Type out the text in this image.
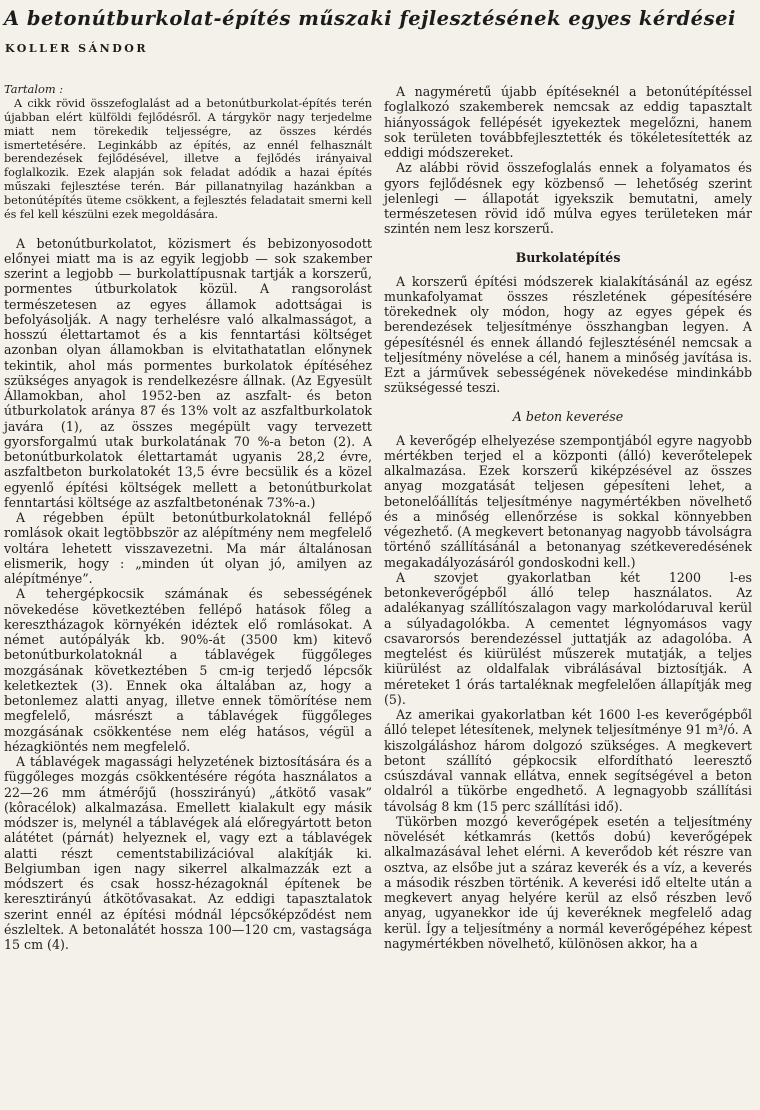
A betonútburkolat-építés műszaki fejlesztésének egyes kérdései
KOLLER SÁNDOR

Tartalom :

A cikk rövid összefoglalást ad a betonútburkolat-építés terén újabban elért külföldi fejlődésről. A tárgykör nagy terjedelme miatt nem törekedik teljességre, az összes kérdés ismertetésére. Leginkább az építés, az ennél felhasznált berendezések fejlődésével, illetve a fejlődés irányaival foglalkozik. Ezek alapján sok feladat adódik a hazai építés műszaki fejlesztése terén. Bár pillanatnyilag hazánkban a betonútépítés üteme csökkent, a fejlesztés feladatait smerni kell és fel kell készülni ezek megoldására.

A betonútburkolatot, közismert és bebizonyosodott előnyei miatt ma is az egyik legjobb — sok szakember szerint a legjobb — burkolattípusnak tartják a korszerű, pormentes útburkolatok közül. A rangsorolást természetesen az egyes államok adottságai is befolyásolják. A nagy terhelésre való alkalmasságot, a hosszú élettartamot és a kis fenntartási költséget azonban olyan államokban is elvitathatatlan előnynek tekintik, ahol más pormentes burkolatok építéséhez szükséges anyagok is rendelkezésre állnak. (Az Egyesült Államokban, ahol 1952-ben az aszfalt- és beton útburkolatok aránya 87 és 13% volt az aszfaltburkolatok javára (1), az összes megépült vagy tervezett gyorsforgalmú utak burkolatának 70 %-a beton (2). A betonútburkolatok élettartamát ugyanis 28,2 évre, aszfaltbeton burkolatokét 13,5 évre becsülik és a közel egyenlő építési költségek mellett a betonútburkolat fenntartási költsége az aszfaltbetonénak 73%-a.)

A régebben épült betonútburkolatoknál fellépő romlások okait legtöbbször az alépítmény nem megfelelő voltára lehetett visszavezetni. Ma már általánosan elismerik, hogy : „minden út olyan jó, amilyen az alépítménye”.

A tehergépkocsik számának és sebességének növekedése következtében fellépő hatások főleg a keresztházagok környékén idéztek elő romlásokat. A német autópályák kb. 90%-át (3500 km) kitevő betonútburkolatoknál a táblavégek függőleges mozgásának következtében 5 cm-ig terjedő lépcsők keletkeztek (3). Ennek oka általában az, hogy a betonlemez alatti anyag, illetve ennek tömörítése nem megfelelő, másrészt a táblavégek függőleges mozgásának csökkentése nem elég hatásos, végül a hézagkiöntés nem megfelelő.

A táblavégek magassági helyzetének biztosítására és a függőleges mozgás csökkentésére régóta használatos a 22—26 mm átmérőjű (hosszirányú) „átkötő vasak” (kôracélok) alkalmazása. Emellett kialakult egy másik módszer is, melynél a táblavégek alá előregyártott beton alátétet (párnát) helyeznek el, vagy ezt a táblavégek alatti részt cementstabilizációval alakítják ki. Belgiumban igen nagy sikerrel alkalmazzák ezt a módszert és csak hossz-hézagoknál építenek be keresztirányú átkötővasakat. Az eddigi tapasztalatok szerint ennél az építési módnál lépcsőképződést nem észleltek. A betonalátét hossza 100—120 cm, vastagsága 15 cm (4).

A nagyméretű újabb építéseknél a betonútépítéssel foglalkozó szakemberek nemcsak az eddig tapasztalt hiányosságok fellépését igyekeztek megelőzni, hanem sok területen továbbfejlesztették és tökéletesítették az eddigi módszereket.

Az alábbi rövid összefoglalás ennek a folyamatos és gyors fejlődésnek egy közbenső — lehetőség szerint jelenlegi — állapotát igyekszik bemutatni, amely természetesen rövid idő múlva egyes területeken már szintén nem lesz korszerű.

Burkolatépítés

A korszerű építési módszerek kialakításánál az egész munkafolyamat összes részletének gépesítésére törekednek oly módon, hogy az egyes gépek és berendezések teljesítménye összhangban legyen. A gépesítésnél és ennek állandó fejlesztésénél nemcsak a teljesítmény növelése a cél, hanem a minőség javítása is. Ezt a járművek sebességének növekedése mindinkább szükségessé teszi.

A beton keverése

A keverőgép elhelyezése szempontjából egyre nagyobb mértékben terjed el a központi (álló) keverőtelepek alkalmazása. Ezek korszerű kiképzésével az összes anyag mozgatását teljesen gépesíteni lehet, a betonelőállítás teljesítménye nagymértékben növelhető és a minőség ellenőrzése is sokkal könnyebben végezhető. (A megkevert betonanyag nagyobb távolságra történő szállításánál a betonanyag szétkeveredésének megakadályozásáról gondoskodni kell.)

A szovjet gyakorlatban két 1200 l-es betonkeverőgépből álló telep használatos. Az adalékanyag szállítószalagon vagy markolódaruval kerül a súlyadagolókba. A cementet légnyomásos vagy csavarorsós berendezéssel juttatják az adagolóba. A megtelést és kiürülést műszerek mutatják, a teljes kiürülést az oldalfalak vibrálásával biztosítják. A méreteket 1 órás tartaléknak megfelelően állapítják meg (5).

Az amerikai gyakorlatban két 1600 l-es keverőgépből álló telepet létesítenek, melynek teljesítménye 91 m³/ó. A kiszolgáláshoz három dolgozó szükséges. A megkevert betont szállító gépkocsik elfordítható leeresztő csúszdával vannak ellátva, ennek segítségével a beton oldalról a tükörbe engedhető. A legnagyobb szállítási távolság 8 km (15 perc szállítási idő).

Tükörben mozgó keverőgépek esetén a teljesítmény növelését kétkamrás (kettős dobú) keverőgépek alkalmazásával lehet elérni. A keverődob két részre van osztva, az elsőbe jut a száraz keverék és a víz, a keverés a második részben történik. A keverési idő eltelte után a megkevert anyag helyére kerül az első részben levő anyag, ugyanekkor ide új keveréknek megfelelő adag kerül. Így a teljesítmény a normál keverőgépéhez képest nagymértékben növelhető, különösen akkor, ha a
